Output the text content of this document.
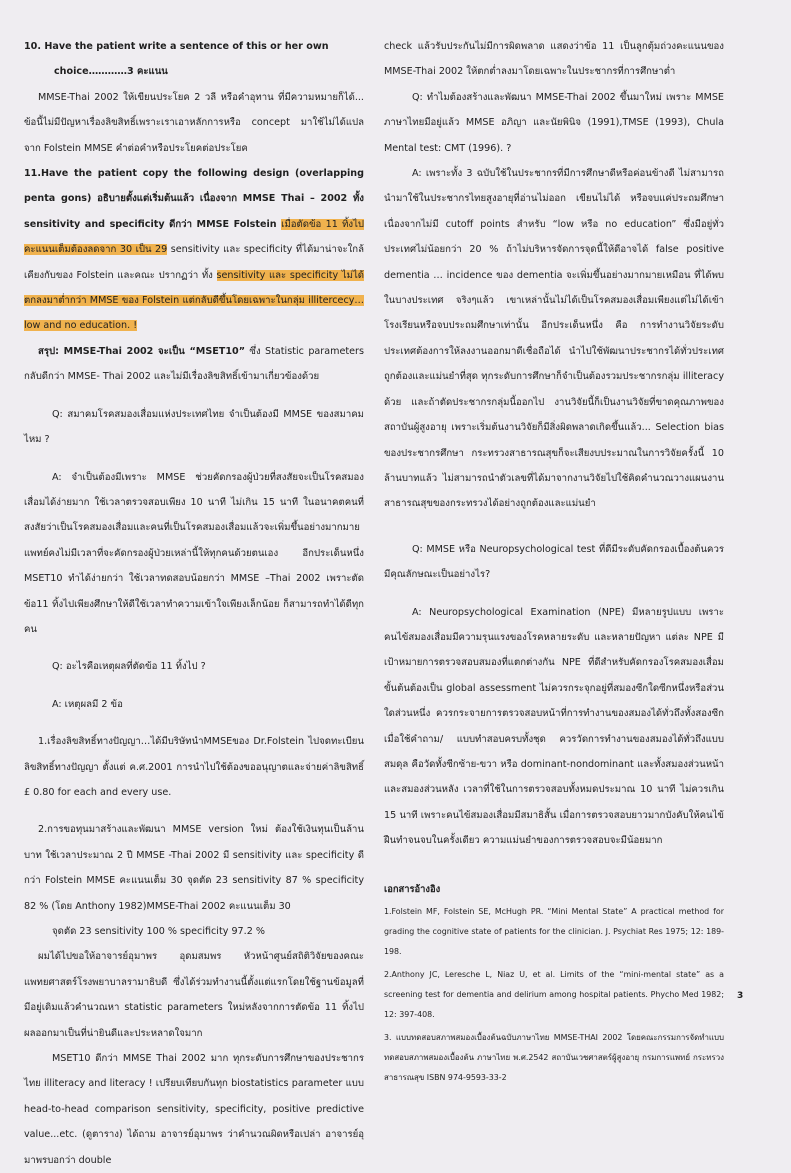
10. Have the patient write a sentence of this or her own

choice…………3 คะแนน

MMSE-Thai 2002 ให้เขียนประโยค 2 วลี หรือคำอุทาน ที่มีความหมายก็ได้... ข้อนี้ไม่มีปัญหาเรื่องลิขสิทธิ์เพราะเราเอาหลักการหรือ concept มาใช้ไม่ได้แปลจาก Folstein MMSE คำต่อคำหรือประโยคต่อประโยค

11.Have the patient copy the following design (overlapping penta gons) อธิบายตั้งแต่เริ่มต้นแล้ว เนื่องจาก MMSE Thai – 2002 ทั้ง sensitivity and specificity ดีกว่า MMSE Folstein เมื่อตัดข้อ 11 ทิ้งไป คะแนนเต็มต้องลดจาก 30 เป็น 29 sensitivity และ specificity ที่ได้มาน่าจะใกล้เคียงกับของ Folstein และคณะ ปรากฏว่า ทั้ง sensitivity และ specificity ไม่ได้ตกลงมาต่ำกว่า MMSE ของ Folstein แต่กลับดีขึ้นโดยเฉพาะในกลุ่ม illitercecy…low and no education. !

สรุป: MMSE-Thai 2002 จะเป็น “MSET10” ซึ่ง Statistic parameters กลับดีกว่า MMSE- Thai 2002 และไม่มีเรื่องลิขสิทธิ์เข้ามาเกี่ยวข้องด้วย

Q: สมาคมโรคสมองเสื่อมแห่งประเทศไทย จำเป็นต้องมี MMSE ของสมาคมไหม ?

A: จำเป็นต้องมีเพราะ MMSE ช่วยคัดกรองผู้ป่วยที่สงสัยจะเป็นโรคสมองเสื่อมได้ง่ายมาก ใช้เวลาตรวจสอบเพียง 10 นาที ไม่เกิน 15 นาที ในอนาคตคนที่สงสัยว่าเป็นโรคสมองเสื่อมและคนที่เป็นโรคสมองเสื่อมแล้วจะเพิ่มขึ้นอย่างมากมาย แพทย์คงไม่มีเวลาที่จะคัดกรองผู้ป่วยเหล่านี้ให้ทุกคนด้วยตนเอง อีกประเด็นหนึ่ง MSET10 ทำได้ง่ายกว่า ใช้เวลาทดสอบน้อยกว่า MMSE –Thai 2002 เพราะตัดข้อ11 ทิ้งไปเพียงศึกษาให้ดีใช้เวลาทำความเข้าใจเพียงเล็กน้อย ก็สามารถทำได้ดีทุกคน

Q: อะไรคือเหตุผลที่ตัดข้อ 11 ทิ้งไป ?

A: เหตุผลมี 2 ข้อ

1.เรื่องลิขสิทธิ์ทางปัญญา…ได้มีบริษัทนำMMSEของ Dr.Folstein ไปจดทะเบียนลิขสิทธิ์ทางปัญญา ตั้งแต่ ค.ศ.2001 การนำไปใช้ต้องขออนุญาตและจ่ายค่าลิขสิทธิ์ £ 0.80 for each and every use.

2.การขอทุนมาสร้างและพัฒนา MMSE version ใหม่ ต้องใช้เงินทุนเป็นล้านบาท ใช้เวลาประมาณ 2 ปี MMSE -Thai 2002 มี sensitivity และ specificity ดีกว่า Folstein MMSE คะแนนเต็ม 30 จุดตัด 23 sensitivity 87 % specificity 82 % (โดย Anthony 1982)MMSE-Thai 2002 คะแนนเต็ม 30

จุดตัด 23 sensitivity 100 % specificity 97.2 %

ผมได้ไปขอให้อาจารย์อุมาพร อุดมสมพร หัวหน้าศูนย์สถิติวิจัยของคณะแพทยศาสตร์โรงพยาบาลรามาธิบดี ซึ่งได้ร่วมทำงานนี้ตั้งแต่แรกโดยใช้ฐานข้อมูลที่มีอยู่เดิมแล้วคำนวณหา statistic parameters ใหม่หลังจากการตัดข้อ 11 ทิ้งไป ผลออกมาเป็นที่น่ายินดีและประหลาดใจมาก

MSET10 ดีกว่า MMSE Thai 2002 มาก ทุกระดับการศึกษาของประชากรไทย illiteracy and literacy ! เปรียบเทียบกันทุก biostatistics parameter แบบ head-to-head comparison sensitivity, specificity, positive predictive value...etc. (ดูตาราง) ได้ถาม อาจารย์อุมาพร ว่าคำนวณผิดหรือเปล่า อาจารย์อุมาพรบอกว่า double

check แล้วรับประกันไม่มีการผิดพลาด แสดงว่าข้อ 11 เป็นลูกตุ้มถ่วงคะแนนของ MMSE-Thai 2002 ให้ตกต่ำลงมาโดยเฉพาะในประชากรที่การศึกษาต่ำ

Q: ทำไมต้องสร้างและพัฒนา MMSE-Thai 2002 ขึ้นมาใหม่ เพราะ MMSE ภาษาไทยมีอยู่แล้ว MMSE อภิญา และนัยพินิจ (1991),TMSE (1993), Chula Mental test: CMT (1996). ?

A: เพราะทั้ง 3 ฉบับใช้ในประชากรที่มีการศึกษาดีหรือค่อนข้างดี ไม่สามารถนำมาใช้ในประชากรไทยสูงอายุที่อ่านไม่ออก เขียนไม่ได้ หรือจบแค่ประถมศึกษา เนื่องจากไม่มี cutoff points สำหรับ “low หรือ no education” ซึ่งมีอยู่ทั่วประเทศไม่น้อยกว่า 20 % ถ้าไม่บริหารจัดการจุดนี้ให้ดีอาจได้ false positive dementia … incidence ของ dementia จะเพิ่มขึ้นอย่างมากมายเหมือน ที่ได้พบในบางประเทศ จริงๆแล้ว เขาเหล่านั้นไม่ได้เป็นโรคสมองเสื่อมเพียงแต่ไม่ได้เข้าโรงเรียนหรือจบประถมศึกษาเท่านั้น อีกประเด็นหนึ่ง คือ การทำงานวิจัยระดับประเทศต้องการให้ลงงานออกมาดีเชื่อถือได้ นำไปใช้พัฒนาประชากรได้ทั่วประเทศถูกต้องและแม่นยำที่สุด ทุกระดับการศึกษาก็จำเป็นต้องรวมประชากรกลุ่ม illiteracy ด้วย และถ้าตัดประชากรกลุ่มนี้ออกไป งานวิจัยนี้ก็เป็นงานวิจัยที่ขาดคุณภาพของสถาบันผู้สูงอายุ เพราะเริ่มต้นงานวิจัยก็มีสิ่งผิดพลาดเกิดขึ้นแล้ว... Selection bias ของประชากรศึกษา กระทรวงสาธารณสุขก็จะเสียงบประมาณในการวิจัยครั้งนี้ 10 ล้านบาทแล้ว ไม่สามารถนำตัวเลขที่ได้มาจากงานวิจัยไปใช้คิดคำนวณวางแผนงานสาธารณสุขของกระทรวงได้อย่างถูกต้องและแม่นยำ

Q: MMSE หรือ Neuropsychological test ที่ดีมีระดับคัดกรองเบื้องต้นควรมีคุณลักษณะเป็นอย่างไร?

A: Neuropsychological Examination (NPE) มีหลายรูปแบบ เพราะคนไข้สมองเสื่อมมีความรุนแรงของโรคหลายระดับ และหลายปัญหา แต่ละ NPE มีเป้าหมายการตรวจสอบสมองที่แตกต่างกัน NPE ที่ดีสำหรับคัดกรองโรคสมองเสื่อมขั้นต้นต้องเป็น global assessment ไม่ควรกระจุกอยู่ที่สมองซีกใดซีกหนึ่งหรือส่วนใดส่วนหนึ่ง ควรกระจายการตรวจสอบหน้าที่การทำงานของสมองได้ทั่วถึงทั้งสองซีก เมื่อใช้คำถาม/ แบบทำสอบครบทั้งชุด ควรวัดการทำงานของสมองได้ทั่วถึงแบบสมดุล คือวัดทั้งซีกซ้าย-ขวา หรือ dominant-nondominant และทั้งสมองส่วนหน้าและสมองส่วนหลัง เวลาที่ใช้ในการตรวจสอบทั้งหมดประมาณ 10 นาที ไม่ควรเกิน 15 นาที เพราะคนไข้สมองเสื่อมมีสมาธิสั้น เมื่อการตรวจสอบยาวมากบังคับให้คนไข้ฝืนทำจนจบในครั้งเดียว ความแม่นยำของการตรวจสอบจะมีน้อยมาก

เอกสารอ้างอิง

1.Folstein MF, Folstein SE, McHugh PR. “Mini Mental State” A practical method for grading the cognitive state of patients for the clinician. J. Psychiat Res 1975; 12: 189-198.

2.Anthony JC, Leresche L, Niaz U, et al. Limits of the “mini-mental state” as a screening test for dementia and delirium among hospital patients. Phycho Med 1982; 12: 397-408.

3. แบบทดสอบสภาพสมองเบื้องต้นฉบับภาษาไทย MMSE-THAI 2002 โดยคณะกรรมการจัดทำแบบทดสอบสภาพสมองเบื้องต้น ภาษาไทย พ.ศ.2542 สถาบันเวชศาสตร์ผู้สูงอายุ กรมการแพทย์ กระทรวงสาธารณสุข ISBN 974-9593-33-2

3
